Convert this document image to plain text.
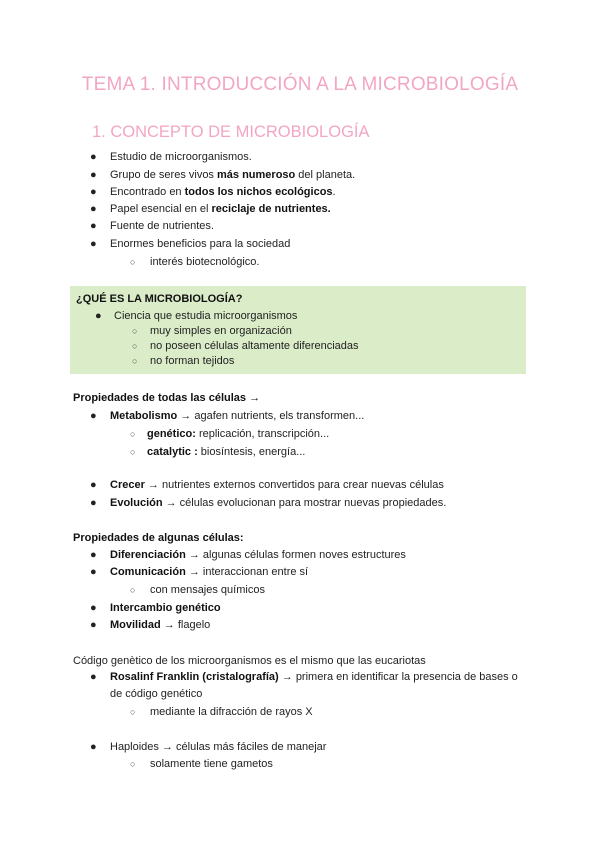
TEMA 1. INTRODUCCIÓN A LA MICROBIOLOGÍA
1. CONCEPTO DE MICROBIOLOGÍA
● Estudio de microorganismos.
● Grupo de seres vivos más numeroso del planeta.
● Encontrado en todos los nichos ecológicos.
● Papel esencial en el reciclaje de nutrientes.
● Fuente de nutrientes.
● Enormes beneficios para la sociedad
○ interés biotecnológico.
¿QUÉ ES LA MICROBIOLOGÍA?
● Ciencia que estudia microorganismos
○ muy simples en organización
○ no poseen células altamente diferenciadas
○ no forman tejidos
Propiedades de todas las células →
● Metabolismo → agafen nutrients, els transformen...
○ genético: replicación, transcripción...
○ catalytic : biosíntesis, energía...
● Crecer → nutrientes externos convertidos para crear nuevas células
● Evolución → células evolucionan para mostrar nuevas propiedades.
Propiedades de algunas células:
● Diferenciación → algunas células formen noves estructures
● Comunicación → interaccionan entre sí
○ con mensajes químicos
● Intercambio genético
● Movilidad → flagelo
Código genètico de los microorganismos es el mismo que las eucariotas
● Rosalinf Franklin (cristalografía) → primera en identificar la presencia de bases o
de código genético
○ mediante la difracción de rayos X
● Haploides → células más fáciles de manejar
○ solamente tiene gametos
